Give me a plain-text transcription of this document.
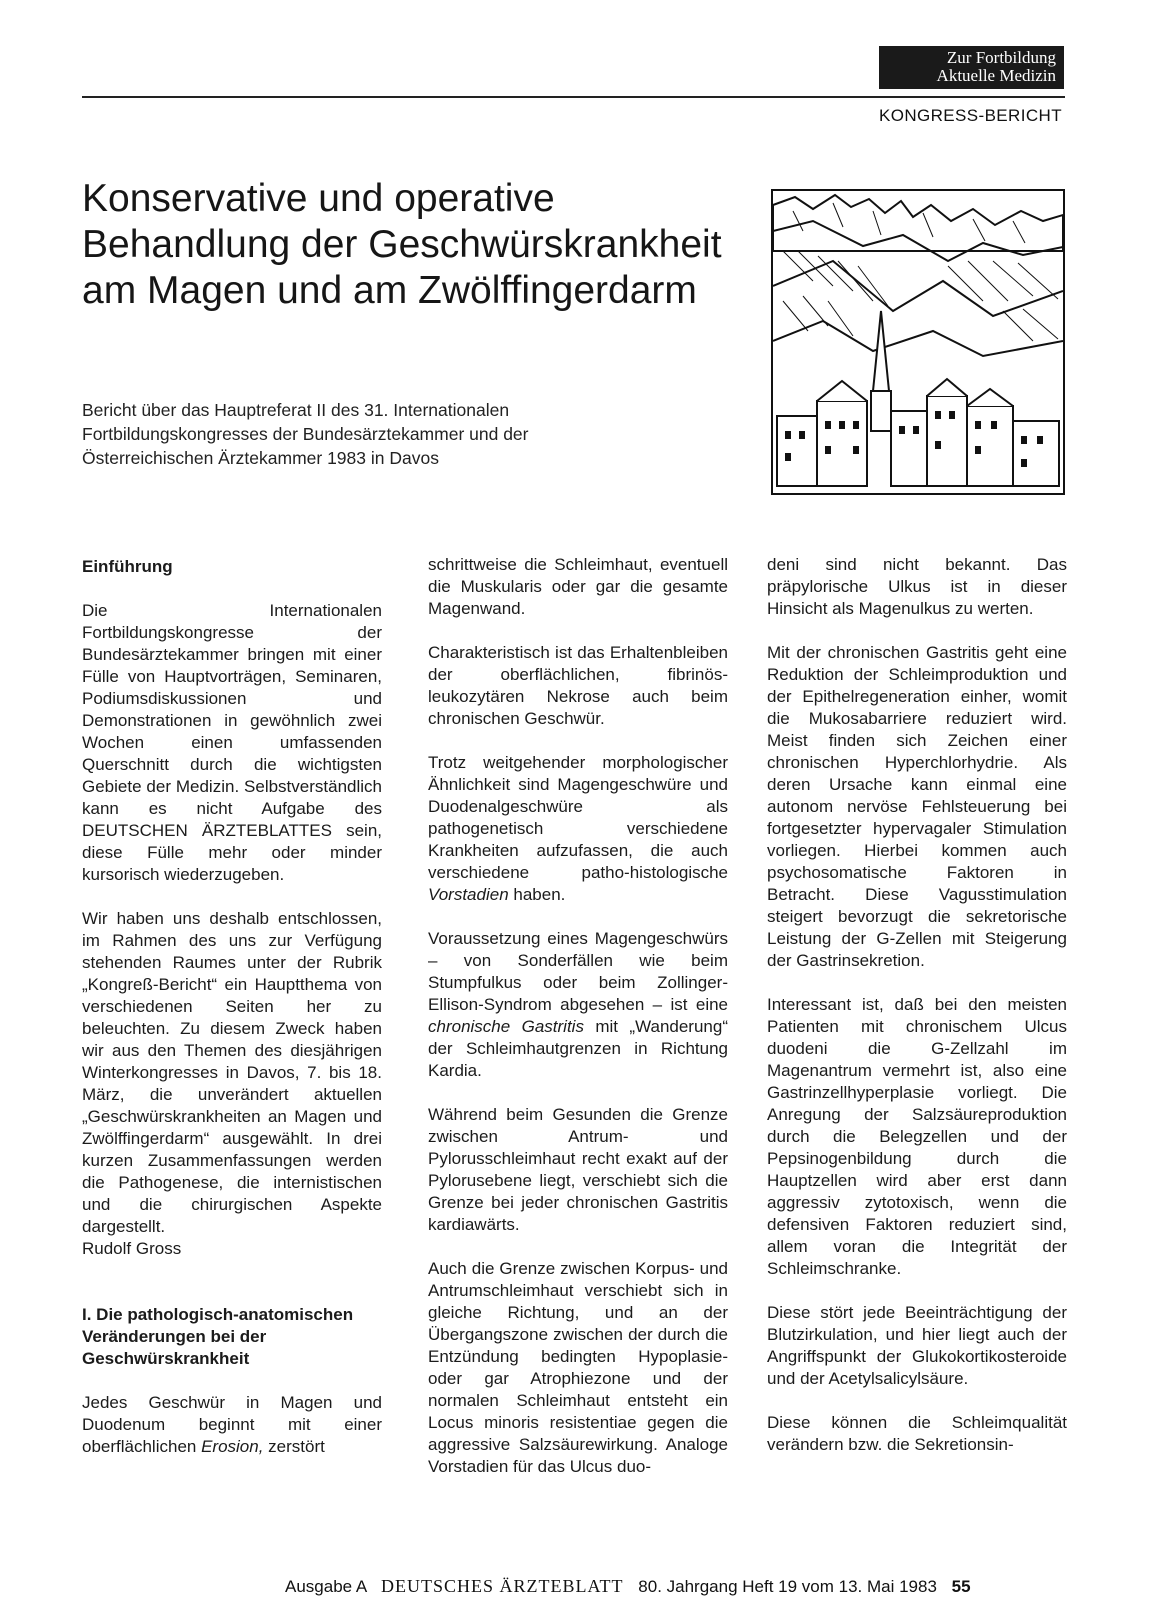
Zur Fortbildung
Aktuelle Medizin
KONGRESS-BERICHT
Konservative und operative Behandlung der Geschwürskrankheit am Magen und am Zwölffingerdarm
Bericht über das Hauptreferat II des 31. Internationalen Fortbildungskongresses der Bundesärztekammer und der Österreichischen Ärztekammer 1983 in Davos
Einführung

Die Internationalen Fortbildungskongresse der Bundesärztekammer bringen mit einer Fülle von Hauptvorträgen, Seminaren, Podiumsdiskussionen und Demonstrationen in gewöhnlich zwei Wochen einen umfassenden Querschnitt durch die wichtigsten Gebiete der Medizin. Selbstverständlich kann es nicht Aufgabe des DEUTSCHEN ÄRZTEBLATTES sein, diese Fülle mehr oder minder kursorisch wiederzugeben.

Wir haben uns deshalb entschlossen, im Rahmen des uns zur Verfügung stehenden Raumes unter der Rubrik „Kongreß-Bericht“ ein Hauptthema von verschiedenen Seiten her zu beleuchten. Zu diesem Zweck haben wir aus den Themen des diesjährigen Winterkongresses in Davos, 7. bis 18. März, die unverändert aktuellen „Geschwürskrankheiten an Magen und Zwölffingerdarm“ ausgewählt. In drei kurzen Zusammenfassungen werden die Pathogenese, die internistischen und die chirurgischen Aspekte dargestellt.

Rudolf Gross

I. Die pathologisch-anatomischen Veränderungen bei der Geschwürskrankheit

Jedes Geschwür in Magen und Duodenum beginnt mit einer oberflächlichen Erosion, zerstört

schrittweise die Schleimhaut, eventuell die Muskularis oder gar die gesamte Magenwand.

Charakteristisch ist das Erhaltenbleiben der oberflächlichen, fibrinös-leukozytären Nekrose auch beim chronischen Geschwür.

Trotz weitgehender morphologischer Ähnlichkeit sind Magengeschwüre und Duodenalgeschwüre als pathogenetisch verschiedene Krankheiten aufzufassen, die auch verschiedene patho-histologische Vorstadien haben.

Voraussetzung eines Magengeschwürs – von Sonderfällen wie beim Stumpfulkus oder beim Zollinger-Ellison-Syndrom abgesehen – ist eine chronische Gastritis mit „Wanderung“ der Schleimhautgrenzen in Richtung Kardia.

Während beim Gesunden die Grenze zwischen Antrum- und Pylorusschleimhaut recht exakt auf der Pylorusebene liegt, verschiebt sich die Grenze bei jeder chronischen Gastritis kardiawärts.

Auch die Grenze zwischen Korpus- und Antrumschleimhaut verschiebt sich in gleiche Richtung, und an der Übergangszone zwischen der durch die Entzündung bedingten Hypoplasie- oder gar Atrophiezone und der normalen Schleimhaut entsteht ein Locus minoris resistentiae gegen die aggressive Salzsäurewirkung. Analoge Vorstadien für das Ulcus duo-

deni sind nicht bekannt. Das präpylorische Ulkus ist in dieser Hinsicht als Magenulkus zu werten.

Mit der chronischen Gastritis geht eine Reduktion der Schleimproduktion und der Epithelregeneration einher, womit die Mukosabarriere reduziert wird. Meist finden sich Zeichen einer chronischen Hyperchlorhydrie. Als deren Ursache kann einmal eine autonom nervöse Fehlsteuerung bei fortgesetzter hypervagaler Stimulation vorliegen. Hierbei kommen auch psychosomatische Faktoren in Betracht. Diese Vagusstimulation steigert bevorzugt die sekretorische Leistung der G-Zellen mit Steigerung der Gastrinsekretion.

Interessant ist, daß bei den meisten Patienten mit chronischem Ulcus duodeni die G-Zellzahl im Magenantrum vermehrt ist, also eine Gastrinzellhyperplasie vorliegt. Die Anregung der Salzsäureproduktion durch die Belegzellen und der Pepsinogenbildung durch die Hauptzellen wird aber erst dann aggressiv zytotoxisch, wenn die defensiven Faktoren reduziert sind, allem voran die Integrität der Schleimschranke.

Diese stört jede Beeinträchtigung der Blutzirkulation, und hier liegt auch der Angriffspunkt der Glukokortikosteroide und der Acetylsalicylsäure.

Diese können die Schleimqualität verändern bzw. die Sekretionsin-

Ausgabe A DEUTSCHES ÄRZTEBLATT 80. Jahrgang Heft 19 vom 13. Mai 1983 55
